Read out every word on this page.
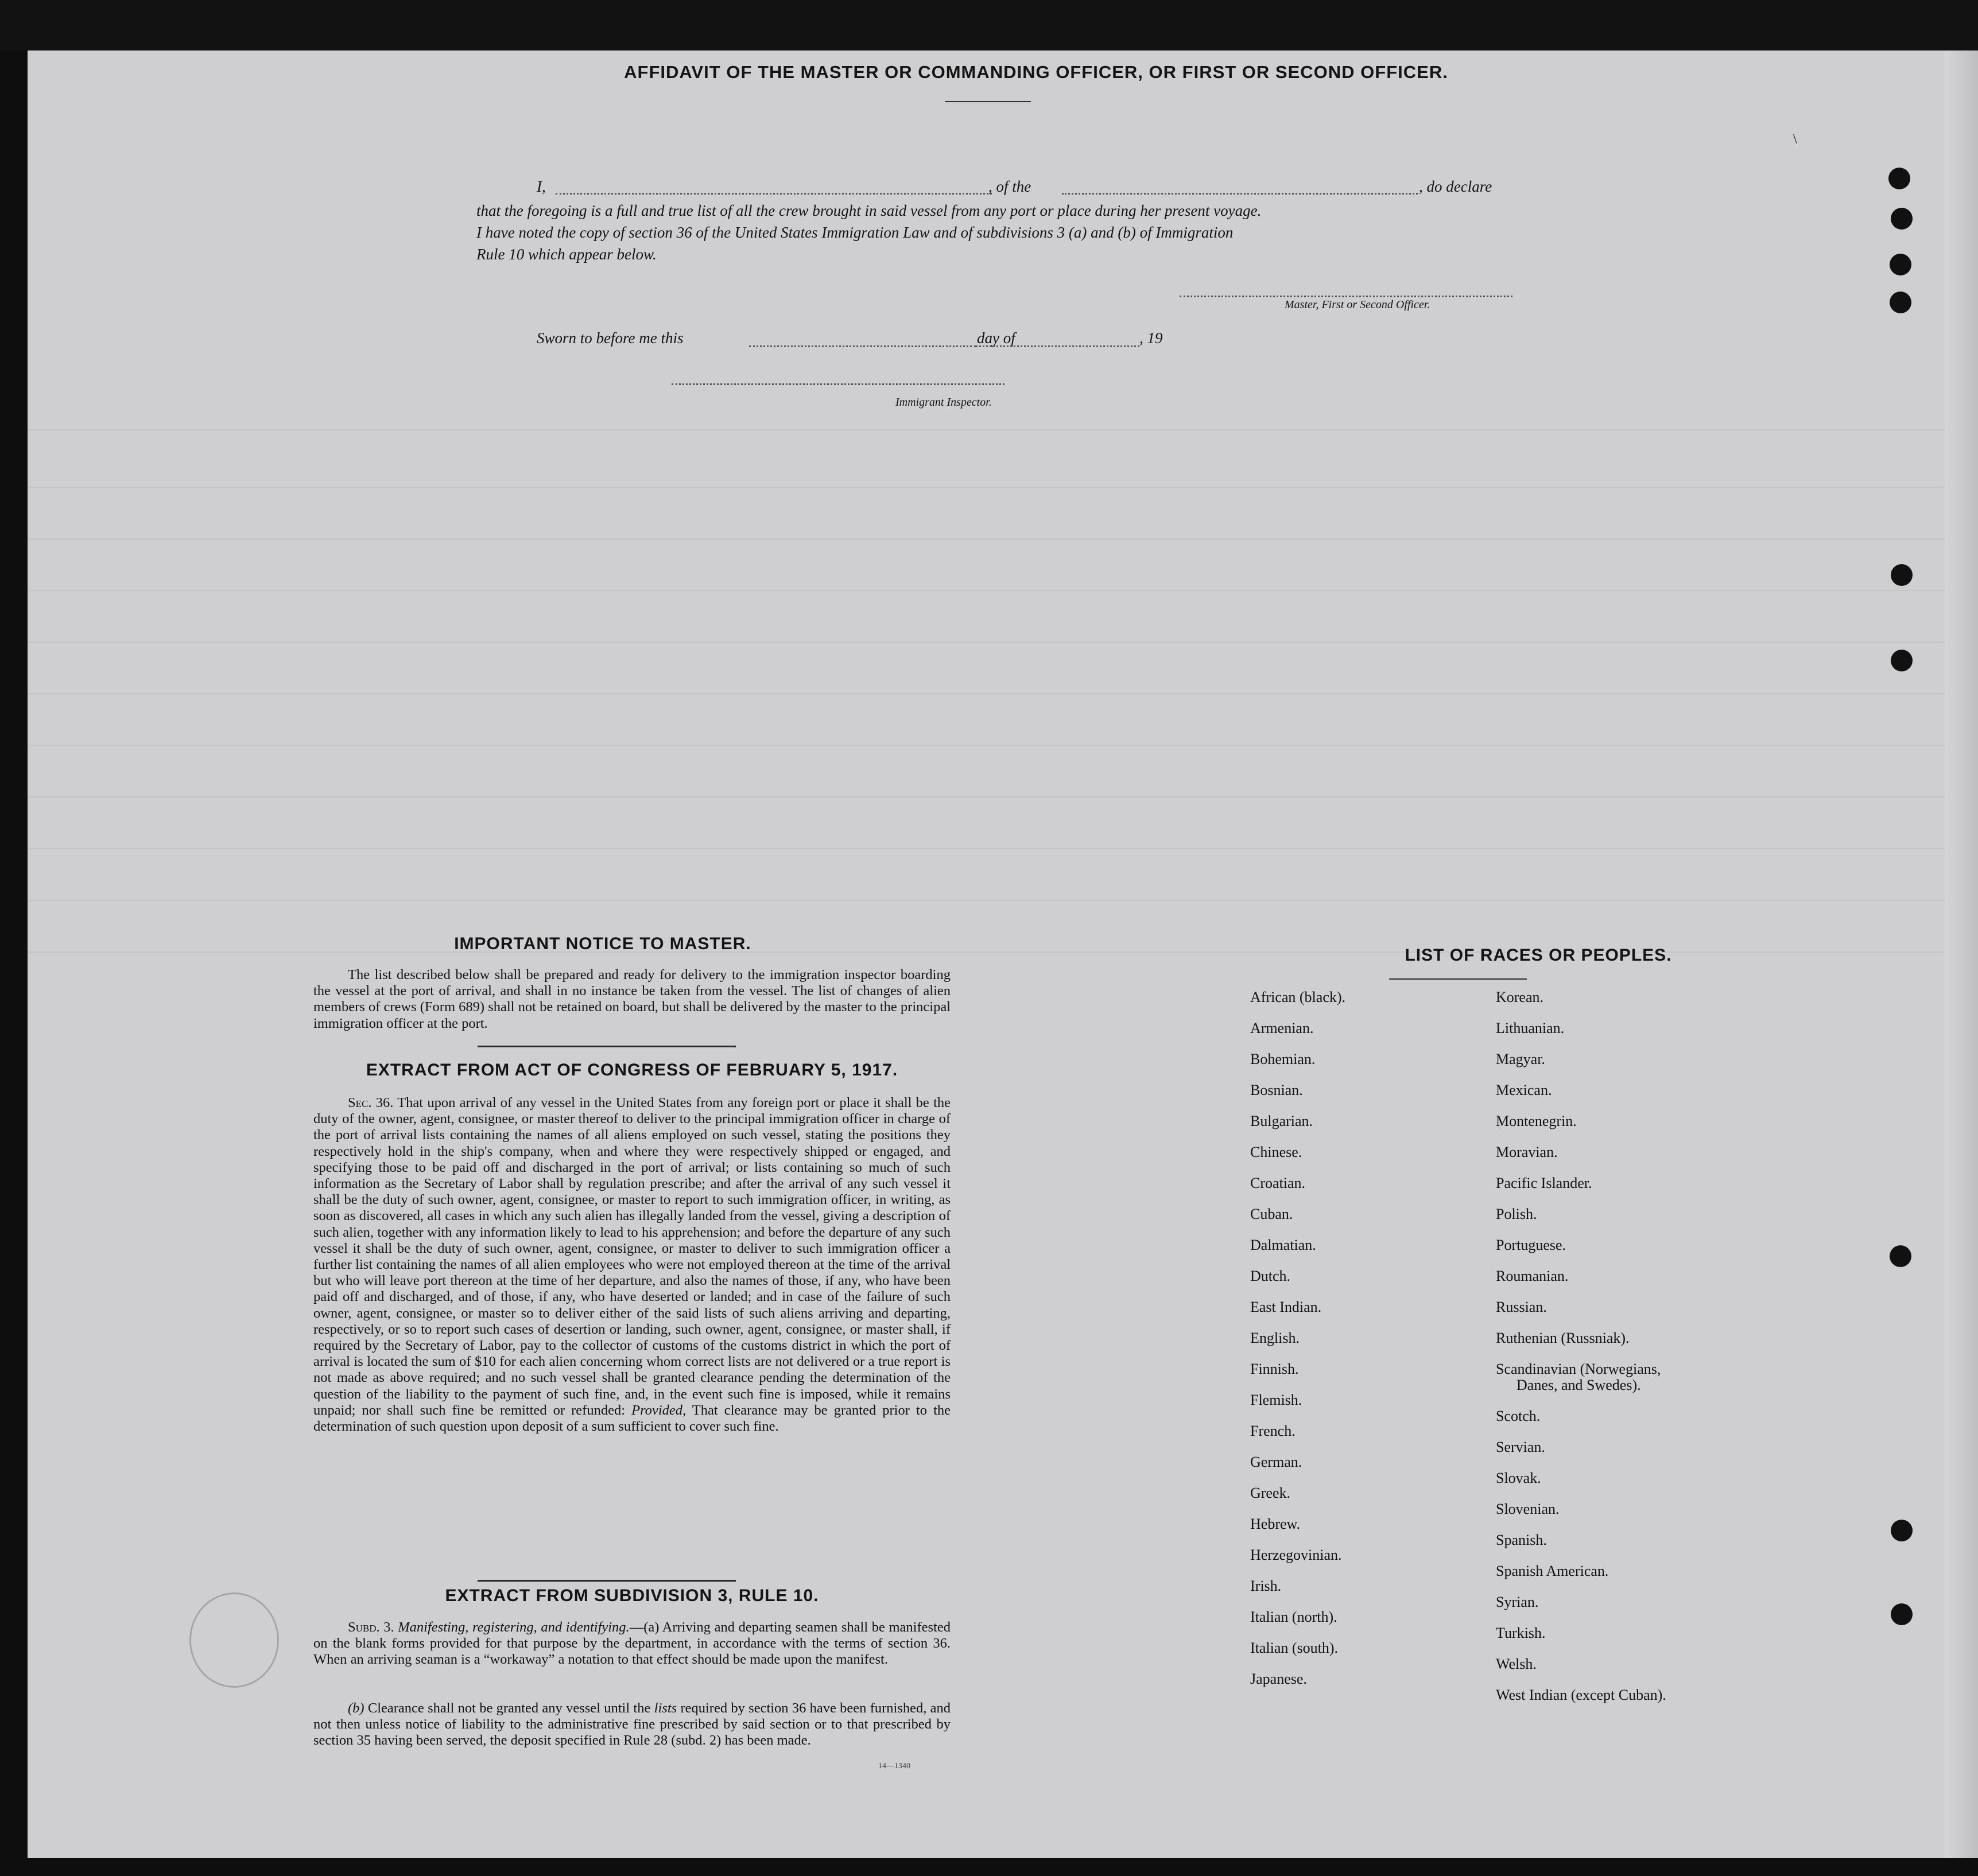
\
AFFIDAVIT OF THE MASTER OR COMMANDING OFFICER, OR FIRST OR SECOND OFFICER.
I,	, of the	, do declare
that the foregoing is a full and true list of all the crew brought in said vessel from any port or place during her present voyage.
I have noted the copy of section 36 of the United States Immigration Law and of subdivisions 3 (a) and (b) of Immigration
Rule 10 which appear below.
Master, First or Second Officer.
Sworn to before me this	day of	, 19
Immigrant Inspector.
IMPORTANT NOTICE TO MASTER.
The list described below shall be prepared and ready for delivery to the immigration inspector boarding the vessel at the port of arrival, and shall in no instance be taken from the vessel. The list of changes of alien members of crews (Form 689) shall not be retained on board, but shall be delivered by the master to the principal immigration officer at the port.
EXTRACT FROM ACT OF CONGRESS OF FEBRUARY 5, 1917.
Sec. 36. That upon arrival of any vessel in the United States from any foreign port or place it shall be the duty of the owner, agent, consignee, or master thereof to deliver to the principal immigration officer in charge of the port of arrival lists containing the names of all aliens employed on such vessel, stating the positions they respectively hold in the ship's company, when and where they were respectively shipped or engaged, and specifying those to be paid off and discharged in the port of arrival; or lists containing so much of such information as the Secretary of Labor shall by regulation prescribe; and after the arrival of any such vessel it shall be the duty of such owner, agent, consignee, or master to report to such immigration officer, in writing, as soon as discovered, all cases in which any such alien has illegally landed from the vessel, giving a description of such alien, together with any information likely to lead to his apprehension; and before the departure of any such vessel it shall be the duty of such owner, agent, consignee, or master to deliver to such immigration officer a further list containing the names of all alien employees who were not employed thereon at the time of the arrival but who will leave port thereon at the time of her departure, and also the names of those, if any, who have been paid off and discharged, and of those, if any, who have deserted or landed; and in case of the failure of such owner, agent, consignee, or master so to deliver either of the said lists of such aliens arriving and departing, respectively, or so to report such cases of desertion or landing, such owner, agent, consignee, or master shall, if required by the Secretary of Labor, pay to the collector of customs of the customs district in which the port of arrival is located the sum of $10 for each alien concerning whom correct lists are not delivered or a true report is not made as above required; and no such vessel shall be granted clearance pending the determination of the question of the liability to the payment of such fine, and, in the event such fine is imposed, while it remains unpaid; nor shall such fine be remitted or refunded: Provided, That clearance may be granted prior to the determination of such question upon deposit of a sum sufficient to cover such fine.
EXTRACT FROM SUBDIVISION 3, RULE 10.
Subd. 3. Manifesting, registering, and identifying.—(a) Arriving and departing seamen shall be manifested on the blank forms provided for that purpose by the department, in accordance with the terms of section 36. When an arriving seaman is a “workaway” a notation to that effect should be made upon the manifest.
(b) Clearance shall not be granted any vessel until the lists required by section 36 have been furnished, and not then unless notice of liability to the administrative fine prescribed by said section or to that prescribed by section 35 having been served, the deposit specified in Rule 28 (subd. 2) has been made.
14—1340
LIST OF RACES OR PEOPLES.
African (black).
Armenian.
Bohemian.
Bosnian.
Bulgarian.
Chinese.
Croatian.
Cuban.
Dalmatian.
Dutch.
East Indian.
English.
Finnish.
Flemish.
French.
German.
Greek.
Hebrew.
Herzegovinian.
Irish.
Italian (north).
Italian (south).
Japanese.
Korean.
Lithuanian.
Magyar.
Mexican.
Montenegrin.
Moravian.
Pacific Islander.
Polish.
Portuguese.
Roumanian.
Russian.
Ruthenian (Russniak).
Scandinavian (Norwegians,
Danes, and Swedes).
Scotch.
Servian.
Slovak.
Slovenian.
Spanish.
Spanish American.
Syrian.
Turkish.
Welsh.
West Indian (except Cuban).
